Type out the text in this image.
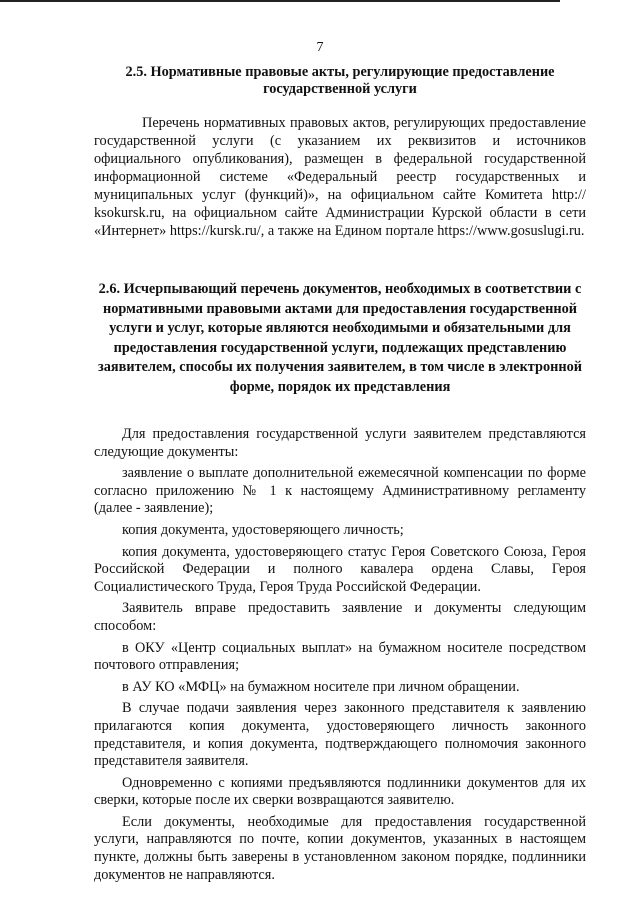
7
2.5. Нормативные правовые акты, регулирующие предоставление государственной услуги

Перечень нормативных правовых актов, регулирующих предоставление государственной услуги (с указанием их реквизитов и источников официального опубликования), размещен в федеральной государственной информационной системе «Федеральный реестр государственных и муниципальных услуг (функций)», на официальном сайте Комитета http:// ksokursk.ru, на официальном сайте Администрации Курской области в сети «Интернет» https://kursk.ru/, а также на Едином портале https://www.gosuslugi.ru.

2.6. Исчерпывающий перечень документов, необходимых в соответствии с нормативными правовыми актами для предоставления государственной услуги и услуг, которые являются необходимыми и обязательными для предоставления государственной услуги, подлежащих представлению заявителем, способы их получения заявителем, в том числе в электронной форме, порядок их представления

Для предоставления государственной услуги заявителем представляются следующие документы:

заявление о выплате дополнительной ежемесячной компенсации по форме согласно приложению № 1 к настоящему Административному регламенту (далее - заявление);

копия документа, удостоверяющего личность;

копия документа, удостоверяющего статус Героя Советского Союза, Героя Российской Федерации и полного кавалера ордена Славы, Героя Социалистического Труда, Героя Труда Российской Федерации.

Заявитель вправе предоставить заявление и документы следующим способом:

в ОКУ «Центр социальных выплат» на бумажном носителе посредством почтового отправления;

в АУ КО «МФЦ» на бумажном носителе при личном обращении.

В случае подачи заявления через законного представителя к заявлению прилагаются копия документа, удостоверяющего личность законного представителя, и копия документа, подтверждающего полномочия законного представителя заявителя.

Одновременно с копиями предъявляются подлинники документов для их сверки, которые после их сверки возвращаются заявителю.

Если документы, необходимые для предоставления государственной услуги, направляются по почте, копии документов, указанных в настоящем пункте, должны быть заверены в установленном законом порядке, подлинники документов не направляются.
